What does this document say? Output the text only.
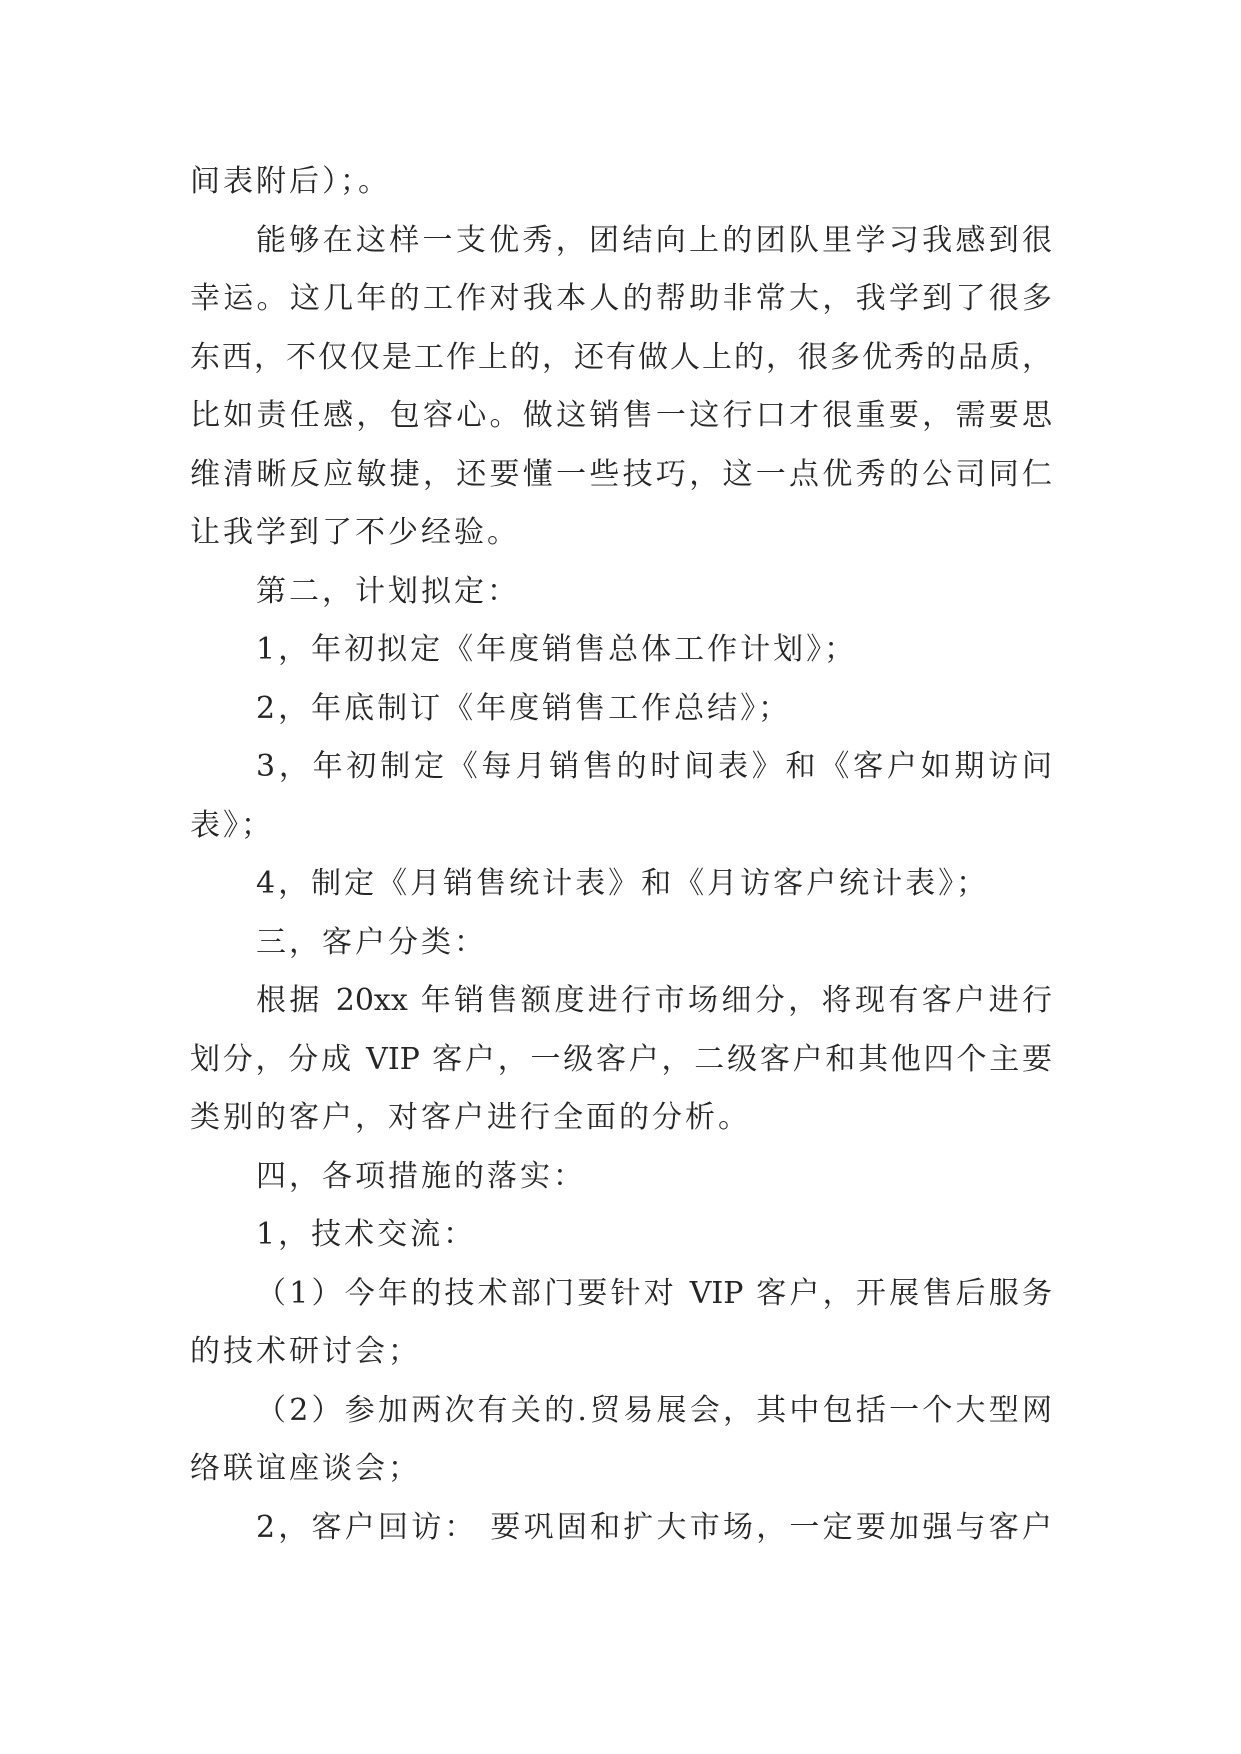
间表附后）；。
能够在这样一支优秀，团结向上的团队里学习我感到很
幸运。这几年的工作对我本人的帮助非常大，我学到了很多
东西，不仅仅是工作上的，还有做人上的，很多优秀的品质，
比如责任感，包容心。做这销售一这行口才很重要，需要思
维清晰反应敏捷，还要懂一些技巧，这一点优秀的公司同仁
让我学到了不少经验。
第二，计划拟定：
1，年初拟定《年度销售总体工作计划》；
2，年底制订《年度销售工作总结》；
3，年初制定《每月销售的时间表》和《客户如期访问
表》；
4，制定《月销售统计表》和《月访客户统计表》；
三，客户分类：
根据 20xx 年销售额度进行市场细分，将现有客户进行
划分，分成 VIP 客户，一级客户，二级客户和其他四个主要
类别的客户，对客户进行全面的分析。
四，各项措施的落实：
1，技术交流：
（1）今年的技术部门要针对 VIP 客户，开展售后服务
的技术研讨会；
（2）参加两次有关的.贸易展会，其中包括一个大型网
络联谊座谈会；
2，客户回访： 要巩固和扩大市场，一定要加强与客户
